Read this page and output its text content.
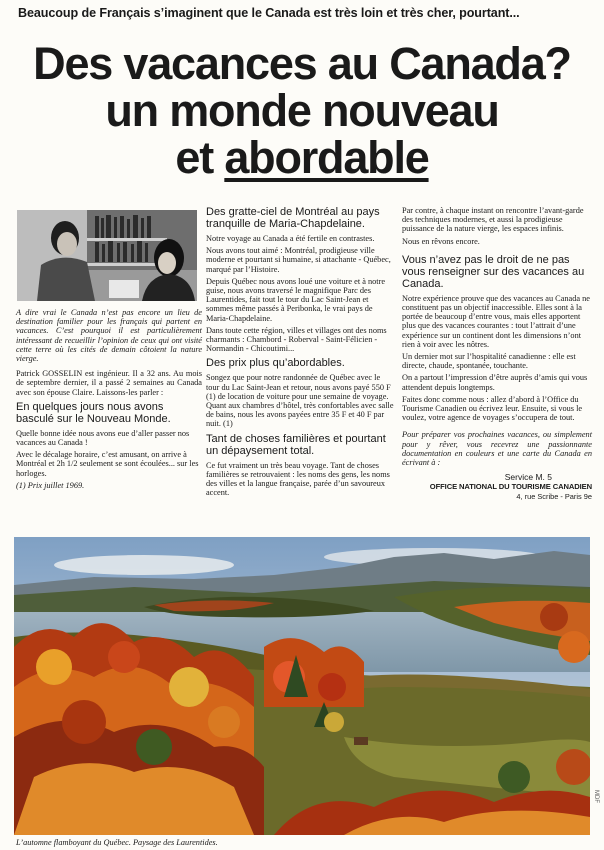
Beaucoup de Français s’imaginent que le Canada est très loin et très cher, pourtant...
Des vacances au Canada?
un monde nouveau
et abordable

A dire vrai le Canada n’est pas encore un lieu de destination familier pour les français qui partent en vacances. C’est pourquoi il est particulièrement intéressant de recueillir l’opinion de ceux qui ont visité cette terre où les cités de demain côtoient la nature vierge.

Patrick GOSSELIN est ingénieur. Il a 32 ans. Au mois de septembre dernier, il a passé 2 semaines au Canada avec son épouse Claire. Laissons-les parler :

En quelques jours nous avons basculé sur le Nouveau Monde.

Quelle bonne idée nous avons eue d’aller passer nos vacances au Canada !

Avec le décalage horaire, c’est amusant, on arrive à Montréal et 2h 1/2 seulement se sont écoulées... sur les horloges.

(1) Prix juillet 1969.

Des gratte-ciel de Montréal au pays tranquille de Maria-Chapdelaine.

Notre voyage au Canada a été fertile en contrastes.

Nous avons tout aimé : Montréal, prodigieuse ville moderne et pourtant si humaine, si attachante - Québec, marqué par l’Histoire.

Depuis Québec nous avons loué une voiture et à notre guise, nous avons traversé le magnifique Parc des Laurentides, fait tout le tour du Lac Saint-Jean et sommes même passés à Peribonka, le vrai pays de Maria-Chapdelaine.

Dans toute cette région, villes et villages ont des noms charmants : Chambord - Roberval - Saint-Félicien - Normandin - Chicoutimi...

Des prix plus qu’abordables.

Songez que pour notre randonnée de Québec avec le tour du Lac Saint-Jean et retour, nous avons payé 550 F (1) de location de voiture pour une semaine de voyage. Quant aux chambres d’hôtel, très confortables avec salle de bains, nous les avons payées entre 35 F et 40 F par nuit. (1)

Tant de choses familières et pourtant un dépaysement total.

Ce fut vraiment un très beau voyage. Tant de choses familières se retrouvaient : les noms des gens, les noms des villes et la langue française, parée d’un savoureux accent.

Par contre, à chaque instant on rencontre l’avant-garde des techniques modernes, et aussi la prodigieuse puissance de la nature vierge, les espaces infinis.

Nous en rêvons encore.

Vous n’avez pas le droit de ne pas vous renseigner sur des vacances au Canada.

Notre expérience prouve que des vacances au Canada ne constituent pas un objectif inaccessible. Elles sont à la portée de beaucoup d’entre vous, mais elles apportent plus que des vacances courantes : tout l’attrait d’une expérience sur un continent dont les dimensions n’ont rien à voir avec les nôtres.

Un dernier mot sur l’hospitalité canadienne : elle est directe, chaude, spontanée, touchante.

On a partout l’impression d’être auprès d’amis qui vous attendent depuis longtemps.

Faites donc comme nous : allez d’abord à l’Office du Tourisme Canadien ou écrivez leur. Ensuite, si vous le voulez, votre agence de voyages s’occupera de tout.

Pour préparer vos prochaines vacances, ou simplement pour y rêver, vous recevrez une passionnante documentation en couleurs et une carte du Canada en écrivant à :

Service M. 5
OFFICE NATIONAL DU TOURISME CANADIEN
4, rue Scribe - Paris 9e
L’automne flamboyant du Québec. Paysage des Laurentides.
MDF
